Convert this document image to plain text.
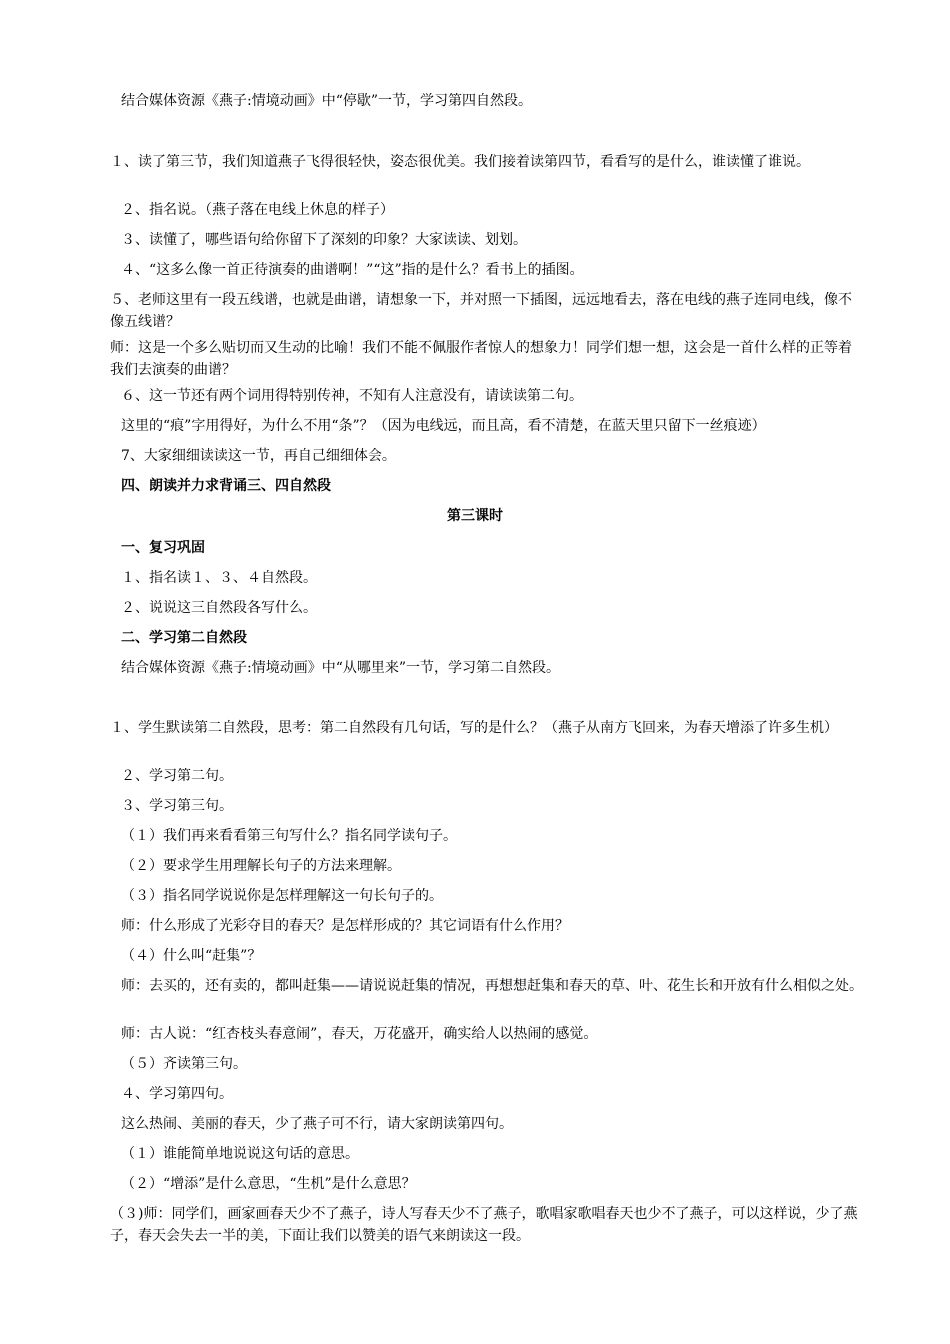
结合媒体资源《燕子:情境动画》中“停歇”一节，学习第四自然段。

１、读了第三节，我们知道燕子飞得很轻快，姿态很优美。我们接着读第四节，看看写的是什么，谁读懂了谁说。

２、指名说。（燕子落在电线上休息的样子）

３、读懂了，哪些语句给你留下了深刻的印象？大家读读、划划。

４、“这多么像一首正待演奏的曲谱啊！”“这”指的是什么？看书上的插图。

５、老师这里有一段五线谱，也就是曲谱，请想象一下，并对照一下插图，远远地看去，落在电线的燕子连同电线，像不像五线谱？

师：这是一个多么贴切而又生动的比喻！我们不能不佩服作者惊人的想象力！同学们想一想，这会是一首什么样的正等着我们去演奏的曲谱？

６、这一节还有两个词用得特别传神，不知有人注意没有，请读读第二句。

这里的“痕”字用得好，为什么不用“条”？（因为电线远，而且高，看不清楚，在蓝天里只留下一丝痕迹）

7、大家细细读读这一节，再自己细细体会。

四、朗读并力求背诵三、四自然段

第三课时

一、复习巩固

１、指名读１、３、４自然段。

２、说说这三自然段各写什么。

二、学习第二自然段

结合媒体资源《燕子:情境动画》中“从哪里来”一节，学习第二自然段。

１、学生默读第二自然段，思考：第二自然段有几句话，写的是什么？（燕子从南方飞回来，为春天增添了许多生机）

２、学习第二句。

３、学习第三句。

（１）我们再来看看第三句写什么？指名同学读句子。

（２）要求学生用理解长句子的方法来理解。

（３）指名同学说说你是怎样理解这一句长句子的。

师：什么形成了光彩夺目的春天？是怎样形成的？其它词语有什么作用？

（４）什么叫“赶集”？

师：去买的，还有卖的，都叫赶集——请说说赶集的情况，再想想赶集和春天的草、叶、花生长和开放有什么相似之处。

师：古人说：“红杏枝头春意闹”，春天，万花盛开，确实给人以热闹的感觉。

（５）齐读第三句。

４、学习第四句。

这么热闹、美丽的春天，少了燕子可不行，请大家朗读第四句。

（１）谁能简单地说说这句话的意思。

（２）“增添”是什么意思，“生机”是什么意思？

（３)师：同学们，画家画春天少不了燕子，诗人写春天少不了燕子，歌唱家歌唱春天也少不了燕子，可以这样说，少了燕子，春天会失去一半的美，下面让我们以赞美的语气来朗读这一段。
